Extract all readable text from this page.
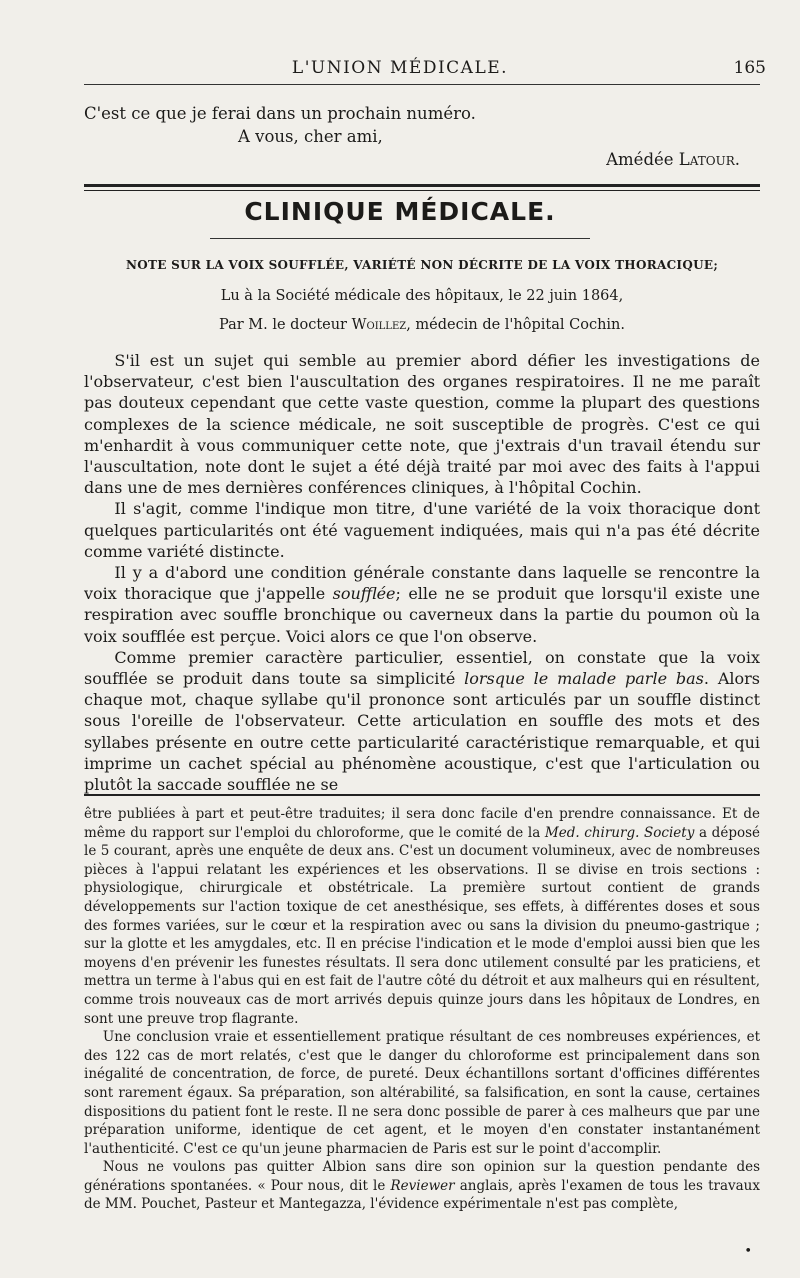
L'UNION MÉDICALE.	165
C'est ce que je ferai dans un prochain numéro.
A vous, cher ami,
Amédée Latour.
CLINIQUE MÉDICALE.
NOTE SUR LA VOIX SOUFFLÉE, VARIÉTÉ NON DÉCRITE DE LA VOIX THORACIQUE;
Lu à la Société médicale des hôpitaux, le 22 juin 1864,
Par M. le docteur Woillez, médecin de l'hôpital Cochin.

S'il est un sujet qui semble au premier abord défier les investigations de l'observateur, c'est bien l'auscultation des organes respiratoires. Il ne me paraît pas douteux cependant que cette vaste question, comme la plupart des questions complexes de la science médicale, ne soit susceptible de progrès. C'est ce qui m'enhardit à vous communiquer cette note, que j'extrais d'un travail étendu sur l'auscultation, note dont le sujet a été déjà traité par moi avec des faits à l'appui dans une de mes dernières conférences cliniques, à l'hôpital Cochin.

Il s'agit, comme l'indique mon titre, d'une variété de la voix thoracique dont quelques particularités ont été vaguement indiquées, mais qui n'a pas été décrite comme variété distincte.

Il y a d'abord une condition générale constante dans laquelle se rencontre la voix thoracique que j'appelle soufflée; elle ne se produit que lorsqu'il existe une respiration avec souffle bronchique ou caverneux dans la partie du poumon où la voix soufflée est perçue. Voici alors ce que l'on observe.

Comme premier caractère particulier, essentiel, on constate que la voix soufflée se produit dans toute sa simplicité lorsque le malade parle bas. Alors chaque mot, chaque syllabe qu'il prononce sont articulés par un souffle distinct sous l'oreille de l'observateur. Cette articulation en souffle des mots et des syllabes présente en outre cette particularité caractéristique remarquable, et qui imprime un cachet spécial au phénomène acoustique, c'est que l'articulation ou plutôt la saccade soufflée ne se

être publiées à part et peut-être traduites; il sera donc facile d'en prendre connaissance. Et de même du rapport sur l'emploi du chloroforme, que le comité de la Med. chirurg. Society a déposé le 5 courant, après une enquête de deux ans. C'est un document volumineux, avec de nombreuses pièces à l'appui relatant les expériences et les observations. Il se divise en trois sections : physiologique, chirurgicale et obstétricale. La première surtout contient de grands développements sur l'action toxique de cet anesthésique, ses effets, à différentes doses et sous des formes variées, sur le cœur et la respiration avec ou sans la division du pneumo-gastrique ; sur la glotte et les amygdales, etc. Il en précise l'indication et le mode d'emploi aussi bien que les moyens d'en prévenir les funestes résultats. Il sera donc utilement consulté par les praticiens, et mettra un terme à l'abus qui en est fait de l'autre côté du détroit et aux malheurs qui en résultent, comme trois nouveaux cas de mort arrivés depuis quinze jours dans les hôpitaux de Londres, en sont une preuve trop flagrante.

Une conclusion vraie et essentiellement pratique résultant de ces nombreuses expériences, et des 122 cas de mort relatés, c'est que le danger du chloroforme est principalement dans son inégalité de concentration, de force, de pureté. Deux échantillons sortant d'officines différentes sont rarement égaux. Sa préparation, son altérabilité, sa falsification, en sont la cause, certaines dispositions du patient font le reste. Il ne sera donc possible de parer à ces malheurs que par une préparation uniforme, identique de cet agent, et le moyen d'en constater instantanément l'authenticité. C'est ce qu'un jeune pharmacien de Paris est sur le point d'accomplir.

Nous ne voulons pas quitter Albion sans dire son opinion sur la question pendante des générations spontanées. « Pour nous, dit le Reviewer anglais, après l'examen de tous les travaux de MM. Pouchet, Pasteur et Mantegazza, l'évidence expérimentale n'est pas complète,

•
